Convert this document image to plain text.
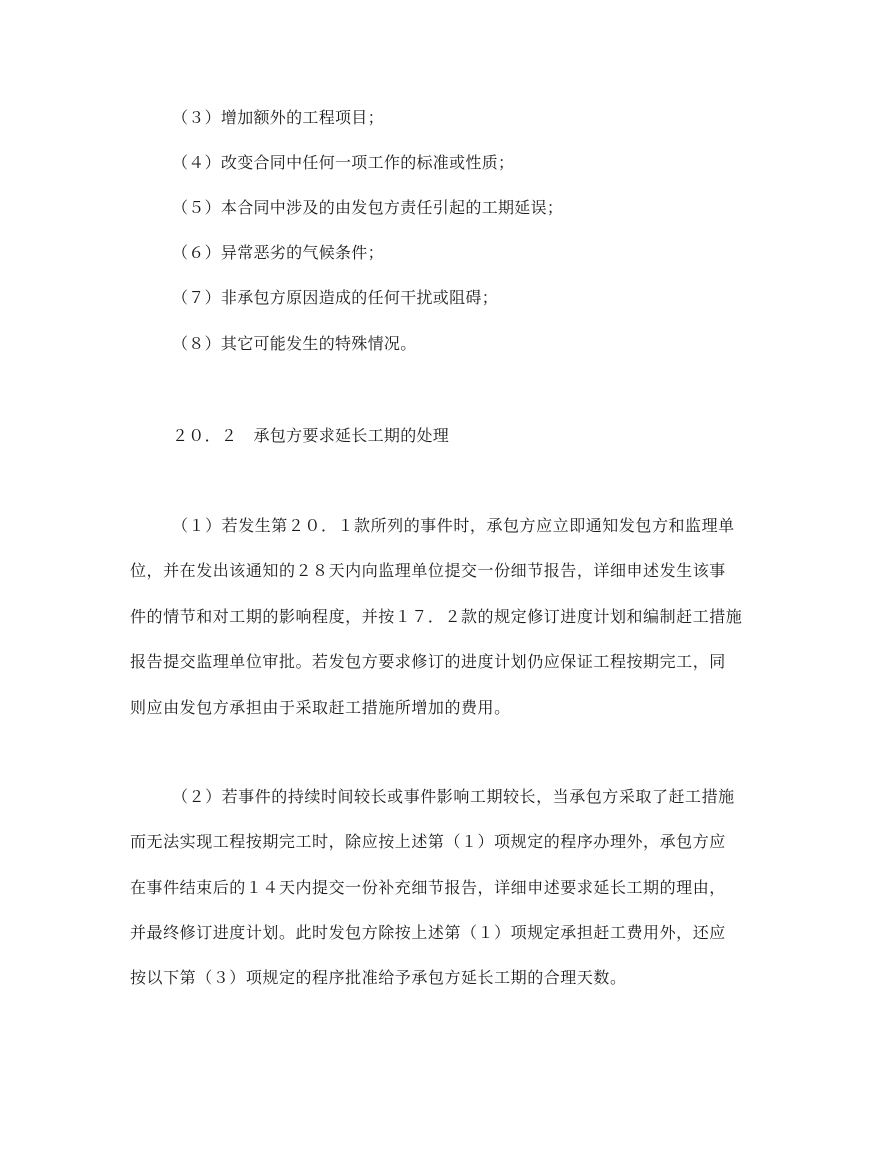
（３）增加额外的工程项目；
（４）改变合同中任何一项工作的标准或性质；
（５）本合同中涉及的由发包方责任引起的工期延误；
（６）异常恶劣的气候条件；
（７）非承包方原因造成的任何干扰或阻碍；
（８）其它可能发生的特殊情况。
２０．２　承包方要求延长工期的处理
（１）若发生第２０．１款所列的事件时，承包方应立即通知发包方和监理单
位，并在发出该通知的２８天内向监理单位提交一份细节报告，详细申述发生该事
件的情节和对工期的影响程度，并按１７．２款的规定修订进度计划和编制赶工措施
报告提交监理单位审批。若发包方要求修订的进度计划仍应保证工程按期完工，同
则应由发包方承担由于采取赶工措施所增加的费用。
（２）若事件的持续时间较长或事件影响工期较长，当承包方采取了赶工措施
而无法实现工程按期完工时，除应按上述第（１）项规定的程序办理外，承包方应
在事件结束后的１４天内提交一份补充细节报告，详细申述要求延长工期的理由，
并最终修订进度计划。此时发包方除按上述第（１）项规定承担赶工费用外，还应
按以下第（３）项规定的程序批准给予承包方延长工期的合理天数。
